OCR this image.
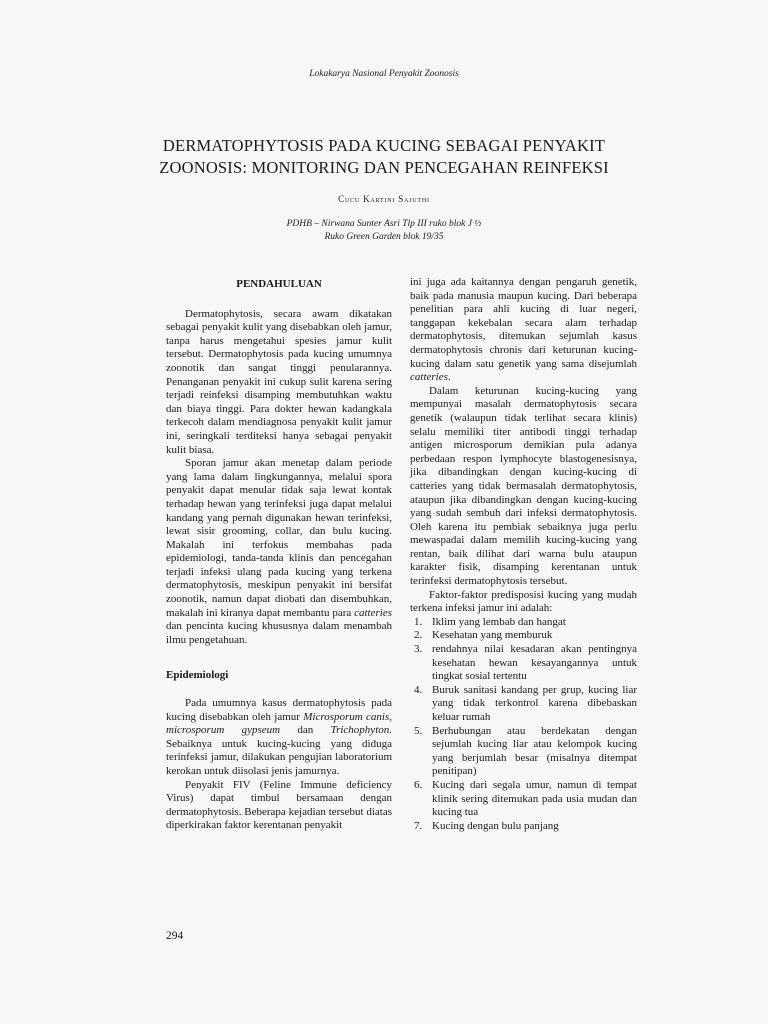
Lokakarya Nasional Penyakit Zoonosis
DERMATOPHYTOSIS PADA KUCING SEBAGAI PENYAKIT
ZOONOSIS: MONITORING DAN PENCEGAHAN REINFEKSI
Cucu Kartini Sajuthi
PDHB – Nirwana Sunter Asri Tlp III ruko blok J ½
Ruko Green Garden blok 19/35
PENDAHULUAN

Dermatophytosis, secara awam dikatakan sebagai penyakit kulit yang disebabkan oleh jamur, tanpa harus mengetahui spesies jamur kulit tersebut. Dermatophytosis pada kucing umumnya zoonotik dan sangat tinggi penularannya. Penanganan penyakit ini cukup sulit karena sering terjadi reinfeksi disamping membutuhkan waktu dan biaya tinggi. Para dokter hewan kadangkala terkecoh dalam mendiagnosa penyakit kulit jamur ini, seringkali terditeksi hanya sebagai penyakit kulit biasa.

Sporan jamur akan menetap dalam periode yang lama dalam lingkungannya, melalui spora penyakit dapat menular tidak saja lewat kontak terhadap hewan yang terinfeksi juga dapat melalui kandang yang pernah digunakan hewan terinfeksi, lewat sisir grooming, collar, dan bulu kucing. Makalah ini terfokus membahas pada epidemiologi, tanda-tanda klinis dan pencegahan terjadi infeksi ulang pada kucing yang terkena dermatophytosis, meskipun penyakit ini bersifat zoonotik, namun dapat diobati dan disembuhkan, makalah ini kiranya dapat membantu para catteries dan pencinta kucing khususnya dalam menambah ilmu pengetahuan.

Epidemiologi

Pada umumnya kasus dermatophytosis pada kucing disebabkan oleh jamur Microsporum canis, microsporum gypseum dan Trichophyton. Sebaiknya untuk kucing-kucing yang diduga terinfeksi jamur, dilakukan pengujian laboratorium kerokan untuk diisolasi jenis jamurnya.

Penyakit FIV (Feline Immune deficiency Virus) dapat timbul bersamaan dengan dermatophytosis. Beberapa kejadian tersebut diatas diperkirakan faktor kerentanan penyakit

ini juga ada kaitannya dengan pengaruh genetik, baik pada manusia maupun kucing. Dari beberapa penelitian para ahli kucing di luar negeri, tanggapan kekebalan secara alam terhadap dermatophytosis, ditemukan sejumlah kasus dermatophytosis chronis dari keturunan kucing-kucing dalam satu genetik yang sama disejumlah catteries.

Dalam keturunan kucing-kucing yang mempunyai masalah dermatophytosis secara genetik (walaupun tidak terlihat secara klinis) selalu memiliki titer antibodi tinggi terhadap antigen microsporum demikian pula adanya perbedaan respon lymphocyte blastogenesisnya, jika dibandingkan dengan kucing-kucing di catteries yang tidak bermasalah dermatophytosis, ataupun jika dibandingkan dengan kucing-kucing yang sudah sembuh dari infeksi dermatophytosis. Oleh karena itu pembiak sebaiknya juga perlu mewaspadai dalam memilih kucing-kucing yang rentan, baik dilihat dari warna bulu ataupun karakter fisik, disamping kerentanan untuk terinfeksi dermatophytosis tersebut.

Faktor-faktor predisposisi kucing yang mudah terkena infeksi jamur ini adalah:

1. Iklim yang lembab dan hangat
2. Kesehatan yang memburuk
3. rendahnya nilai kesadaran akan pentingnya kesehatan hewan kesayangannya untuk tingkat sosial tertentu
4. Buruk sanitasi kandang per grup, kucing liar yang tidak terkontrol karena dibebaskan keluar rumah
5. Berhubungan atau berdekatan dengan sejumlah kucing liar atau kelompok kucing yang berjumlah besar (misalnya ditempat penitipan)
6. Kucing dari segala umur, namun di tempat klinik sering ditemukan pada usia mudan dan kucing tua
7. Kucing dengan bulu panjang
294
